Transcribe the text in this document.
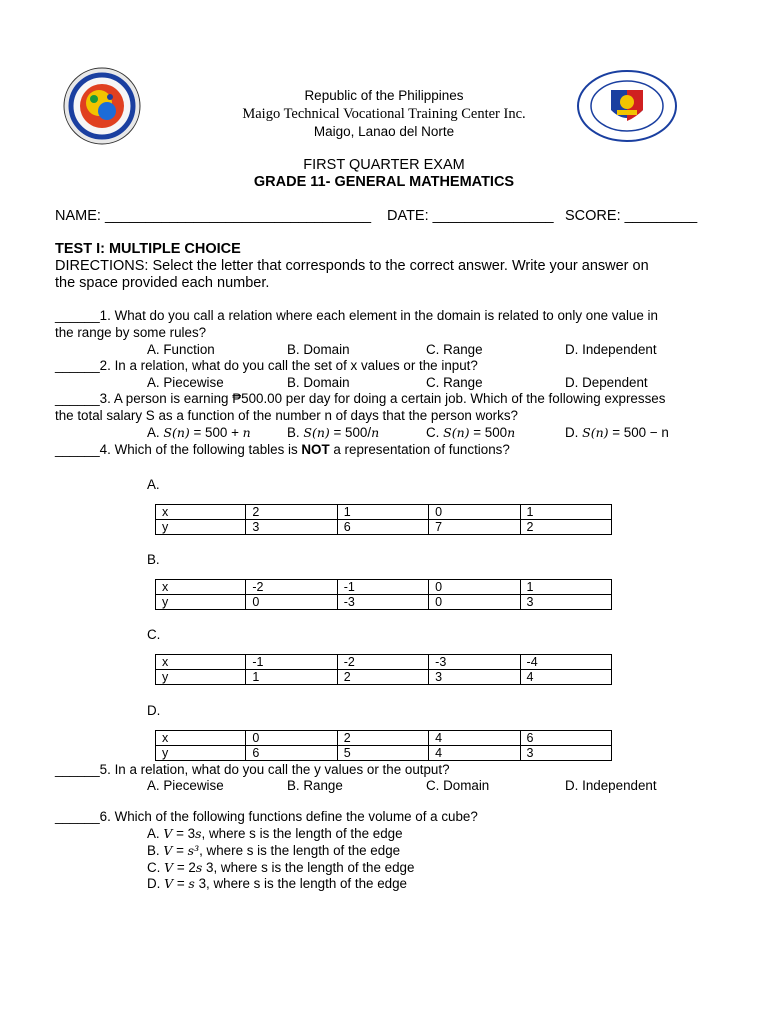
Republic of the Philippines
Maigo Technical Vocational Training Center Inc.
Maigo, Lanao del Norte
FIRST QUARTER EXAM
GRADE 11- GENERAL MATHEMATICS
NAME: _________________________________ DATE: _______________ SCORE: _________
TEST I: MULTIPLE CHOICE
DIRECTIONS: Select the letter that corresponds to the correct answer. Write your answer on
the space provided each number.
______1. What do you call a relation where each element in the domain is related to only one value in
the range by some rules?
A. Function	B. Domain	C. Range	D. Independent
______2. In a relation, what do you call the set of x values or the input?
A. Piecewise	B. Domain	C. Range	D. Dependent
______3. A person is earning ₱500.00 per day for doing a certain job. Which of the following expresses
the total salary S as a function of the number n of days that the person works?
A. S(n) = 500 + n	B. S(n) = 500/n	C. S(n) = 500n	D. S(n) = 500 − n
______4. Which of the following tables is NOT a representation of functions?
A.
x	2	1	0	1
y	3	6	7	2
B.
x	-2	-1	0	1
y	0	-3	0	3
C.
x	-1	-2	-3	-4
y	1	2	3	4
D.
x	0	2	4	6
y	6	5	4	3
______5. In a relation, what do you call the y values or the output?
A. Piecewise	B. Range	C. Domain	D. Independent
______6. Which of the following functions define the volume of a cube?
A. V = 3s, where s is the length of the edge
B. V = s³, where s is the length of the edge
C. V = 2s 3, where s is the length of the edge
D. V = s 3, where s is the length of the edge
